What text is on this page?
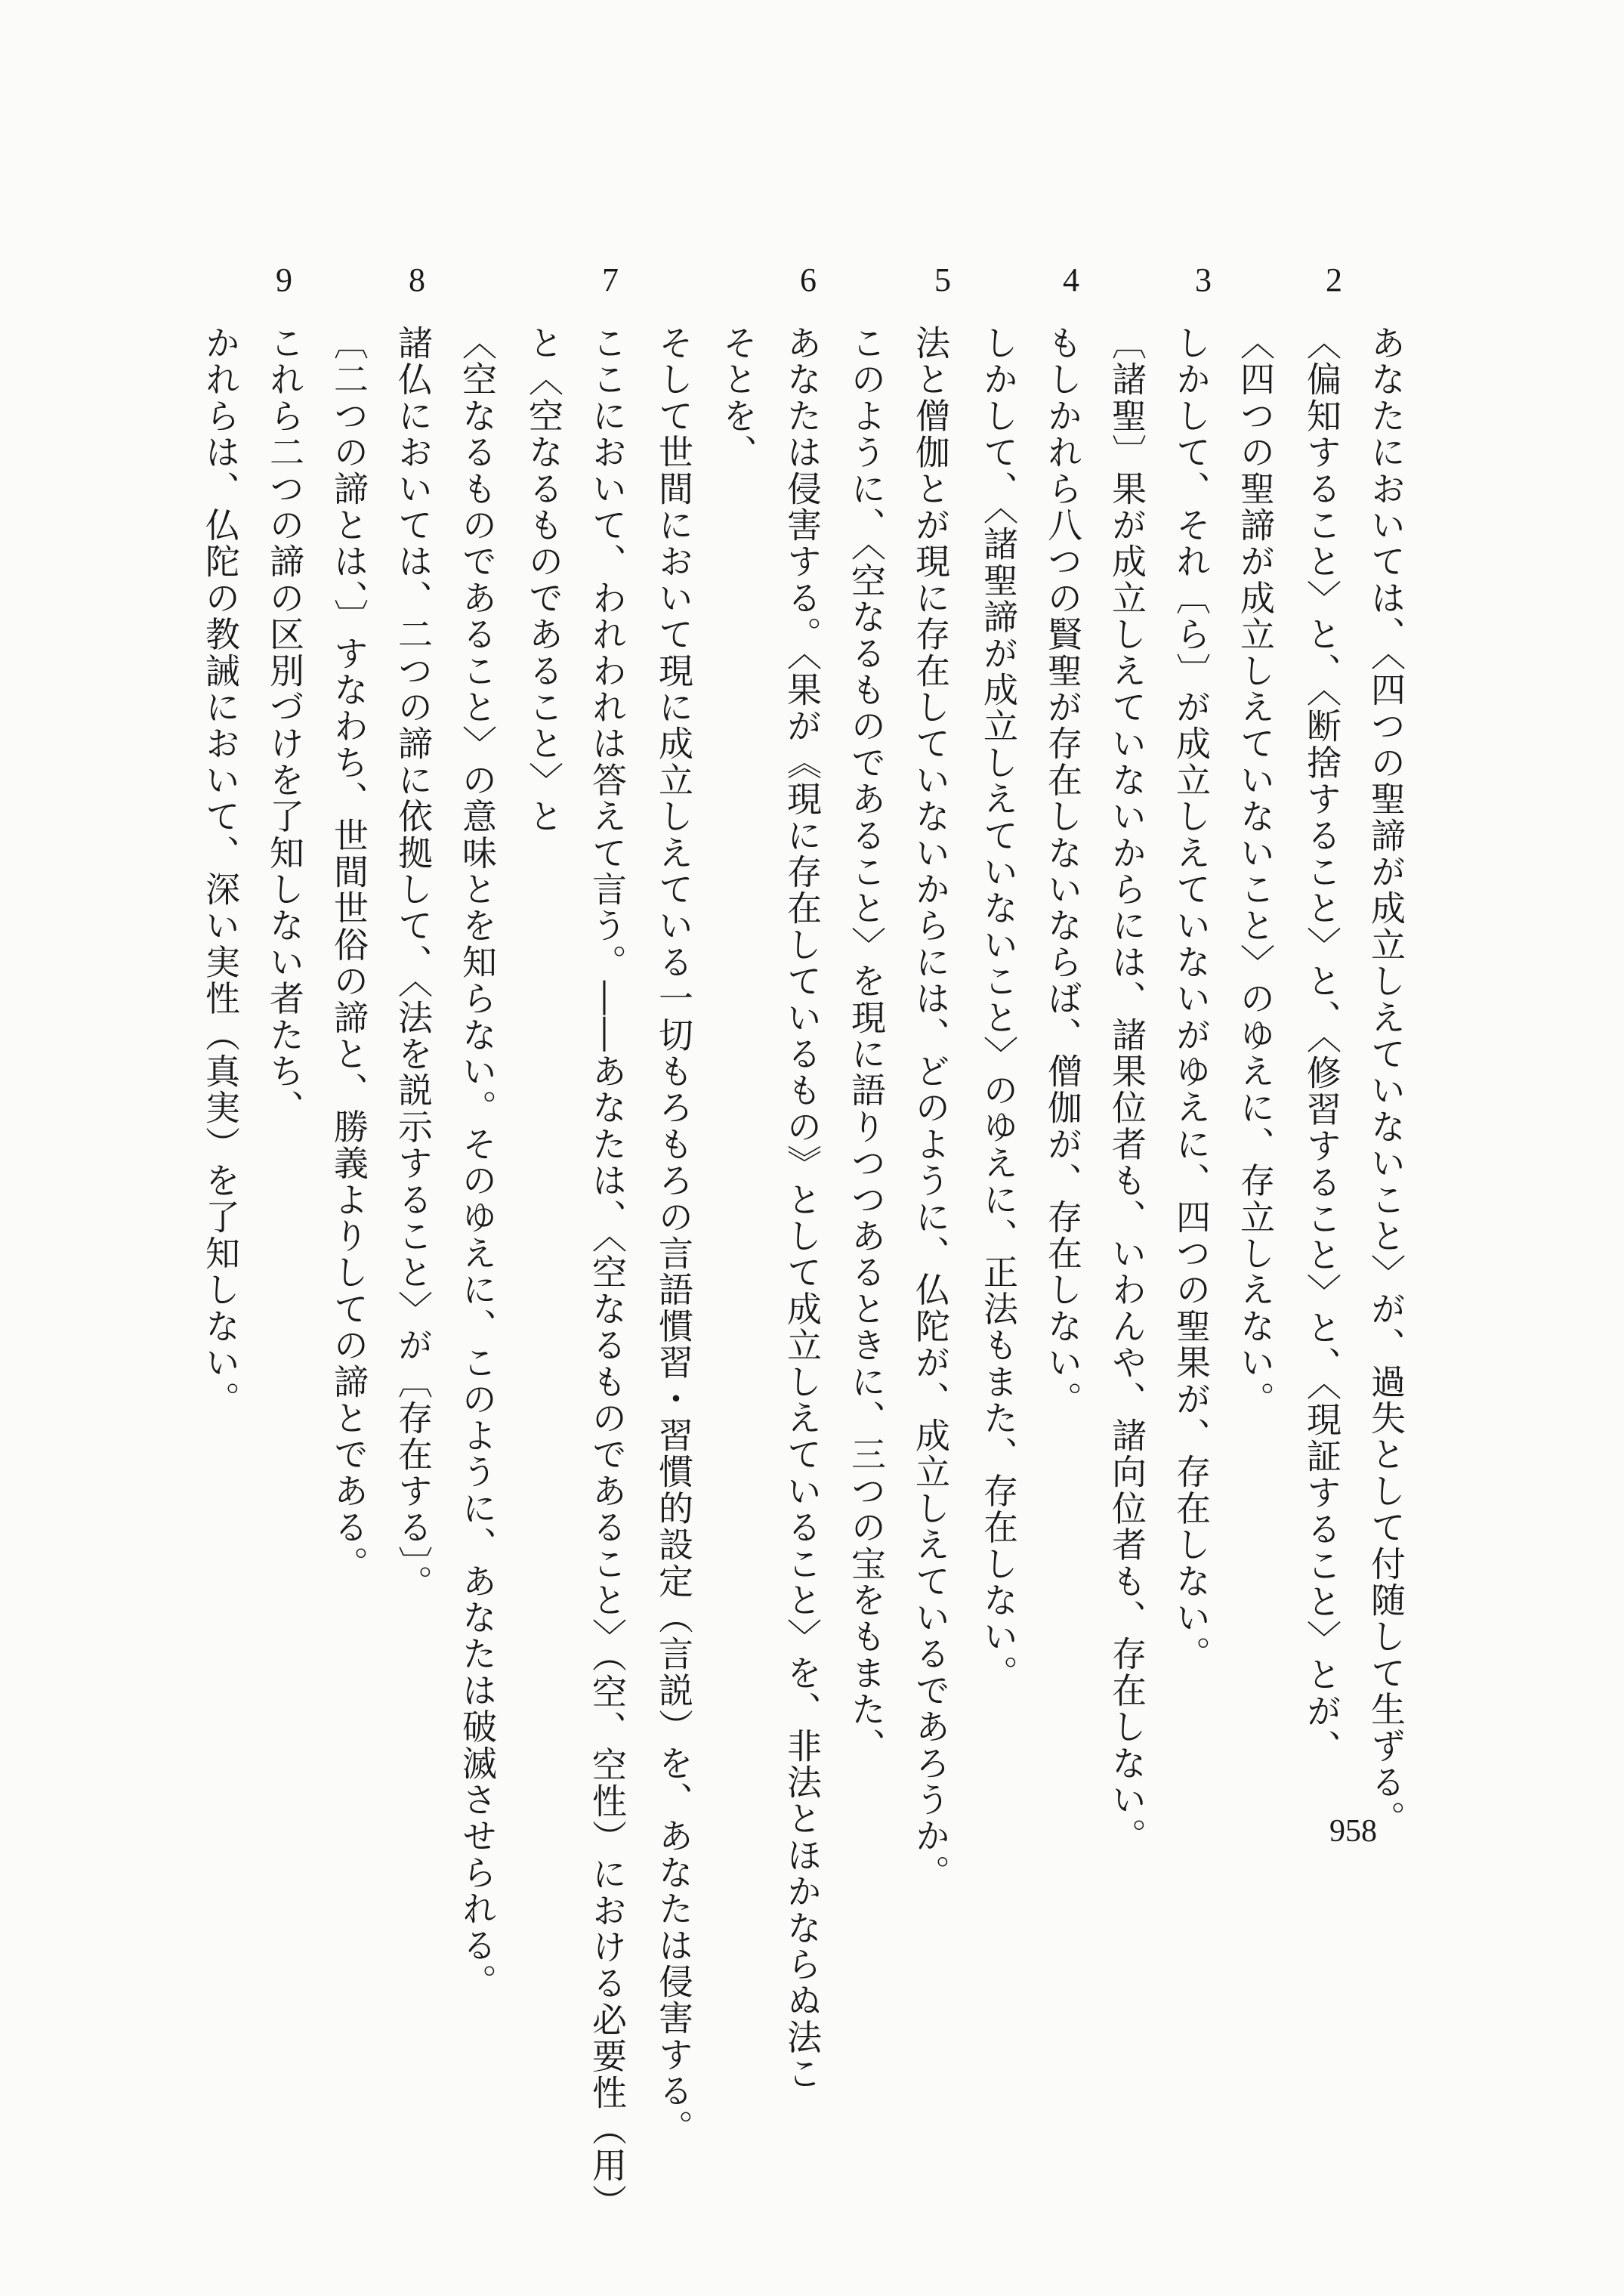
2
3
4
5
6
7
8
9
あなたにおいては、〈四つの聖諦が成立しえていないこと〉が、過失として付随して生ずる。
〈偏知すること〉と、〈断捨すること〉と、〈修習すること〉と、〈現証すること〉とが、
〈四つの聖諦が成立しえていないこと〉のゆえに、存立しえない。
しかして、それ〔ら〕が成立しえていないがゆえに、四つの聖果が、存在しない。
〔諸聖〕果が成立しえていないからには、諸果位者も、いわんや、諸向位者も、存在しない。
もしかれら八つの賢聖が存在しないならば、僧伽が、存在しない。
しかして、〈諸聖諦が成立しえていないこと〉のゆえに、正法もまた、存在しない。
法と僧伽とが現に存在していないからには、どのように、仏陀が、成立しえているであろうか。
このように、〈空なるものであること〉を現に語りつつあるときに、三つの宝をもまた、
あなたは侵害する。〈果が《現に存在しているもの》として成立しえていること〉を、非法とほかならぬ法こ
そとを、
そして世間において現に成立しえている一切もろもろの言語慣習・習慣的設定（言説）を、あなたは侵害する。
ここにおいて、われわれは答えて言う。――あなたは、〈空なるものであること〉（空、空性）における必要性（用）
と〈空なるものであること〉と
〈空なるものであること〉の意味とを知らない。そのゆえに、このように、あなたは破滅させられる。
諸仏においては、二つの諦に依拠して、〈法を説示すること〉が〔存在する〕。
〔二つの諦とは、〕すなわち、世間世俗の諦と、勝義よりしての諦とである。
これら二つの諦の区別づけを了知しない者たち、
かれらは、仏陀の教誡において、深い実性（真実）を了知しない。
958
